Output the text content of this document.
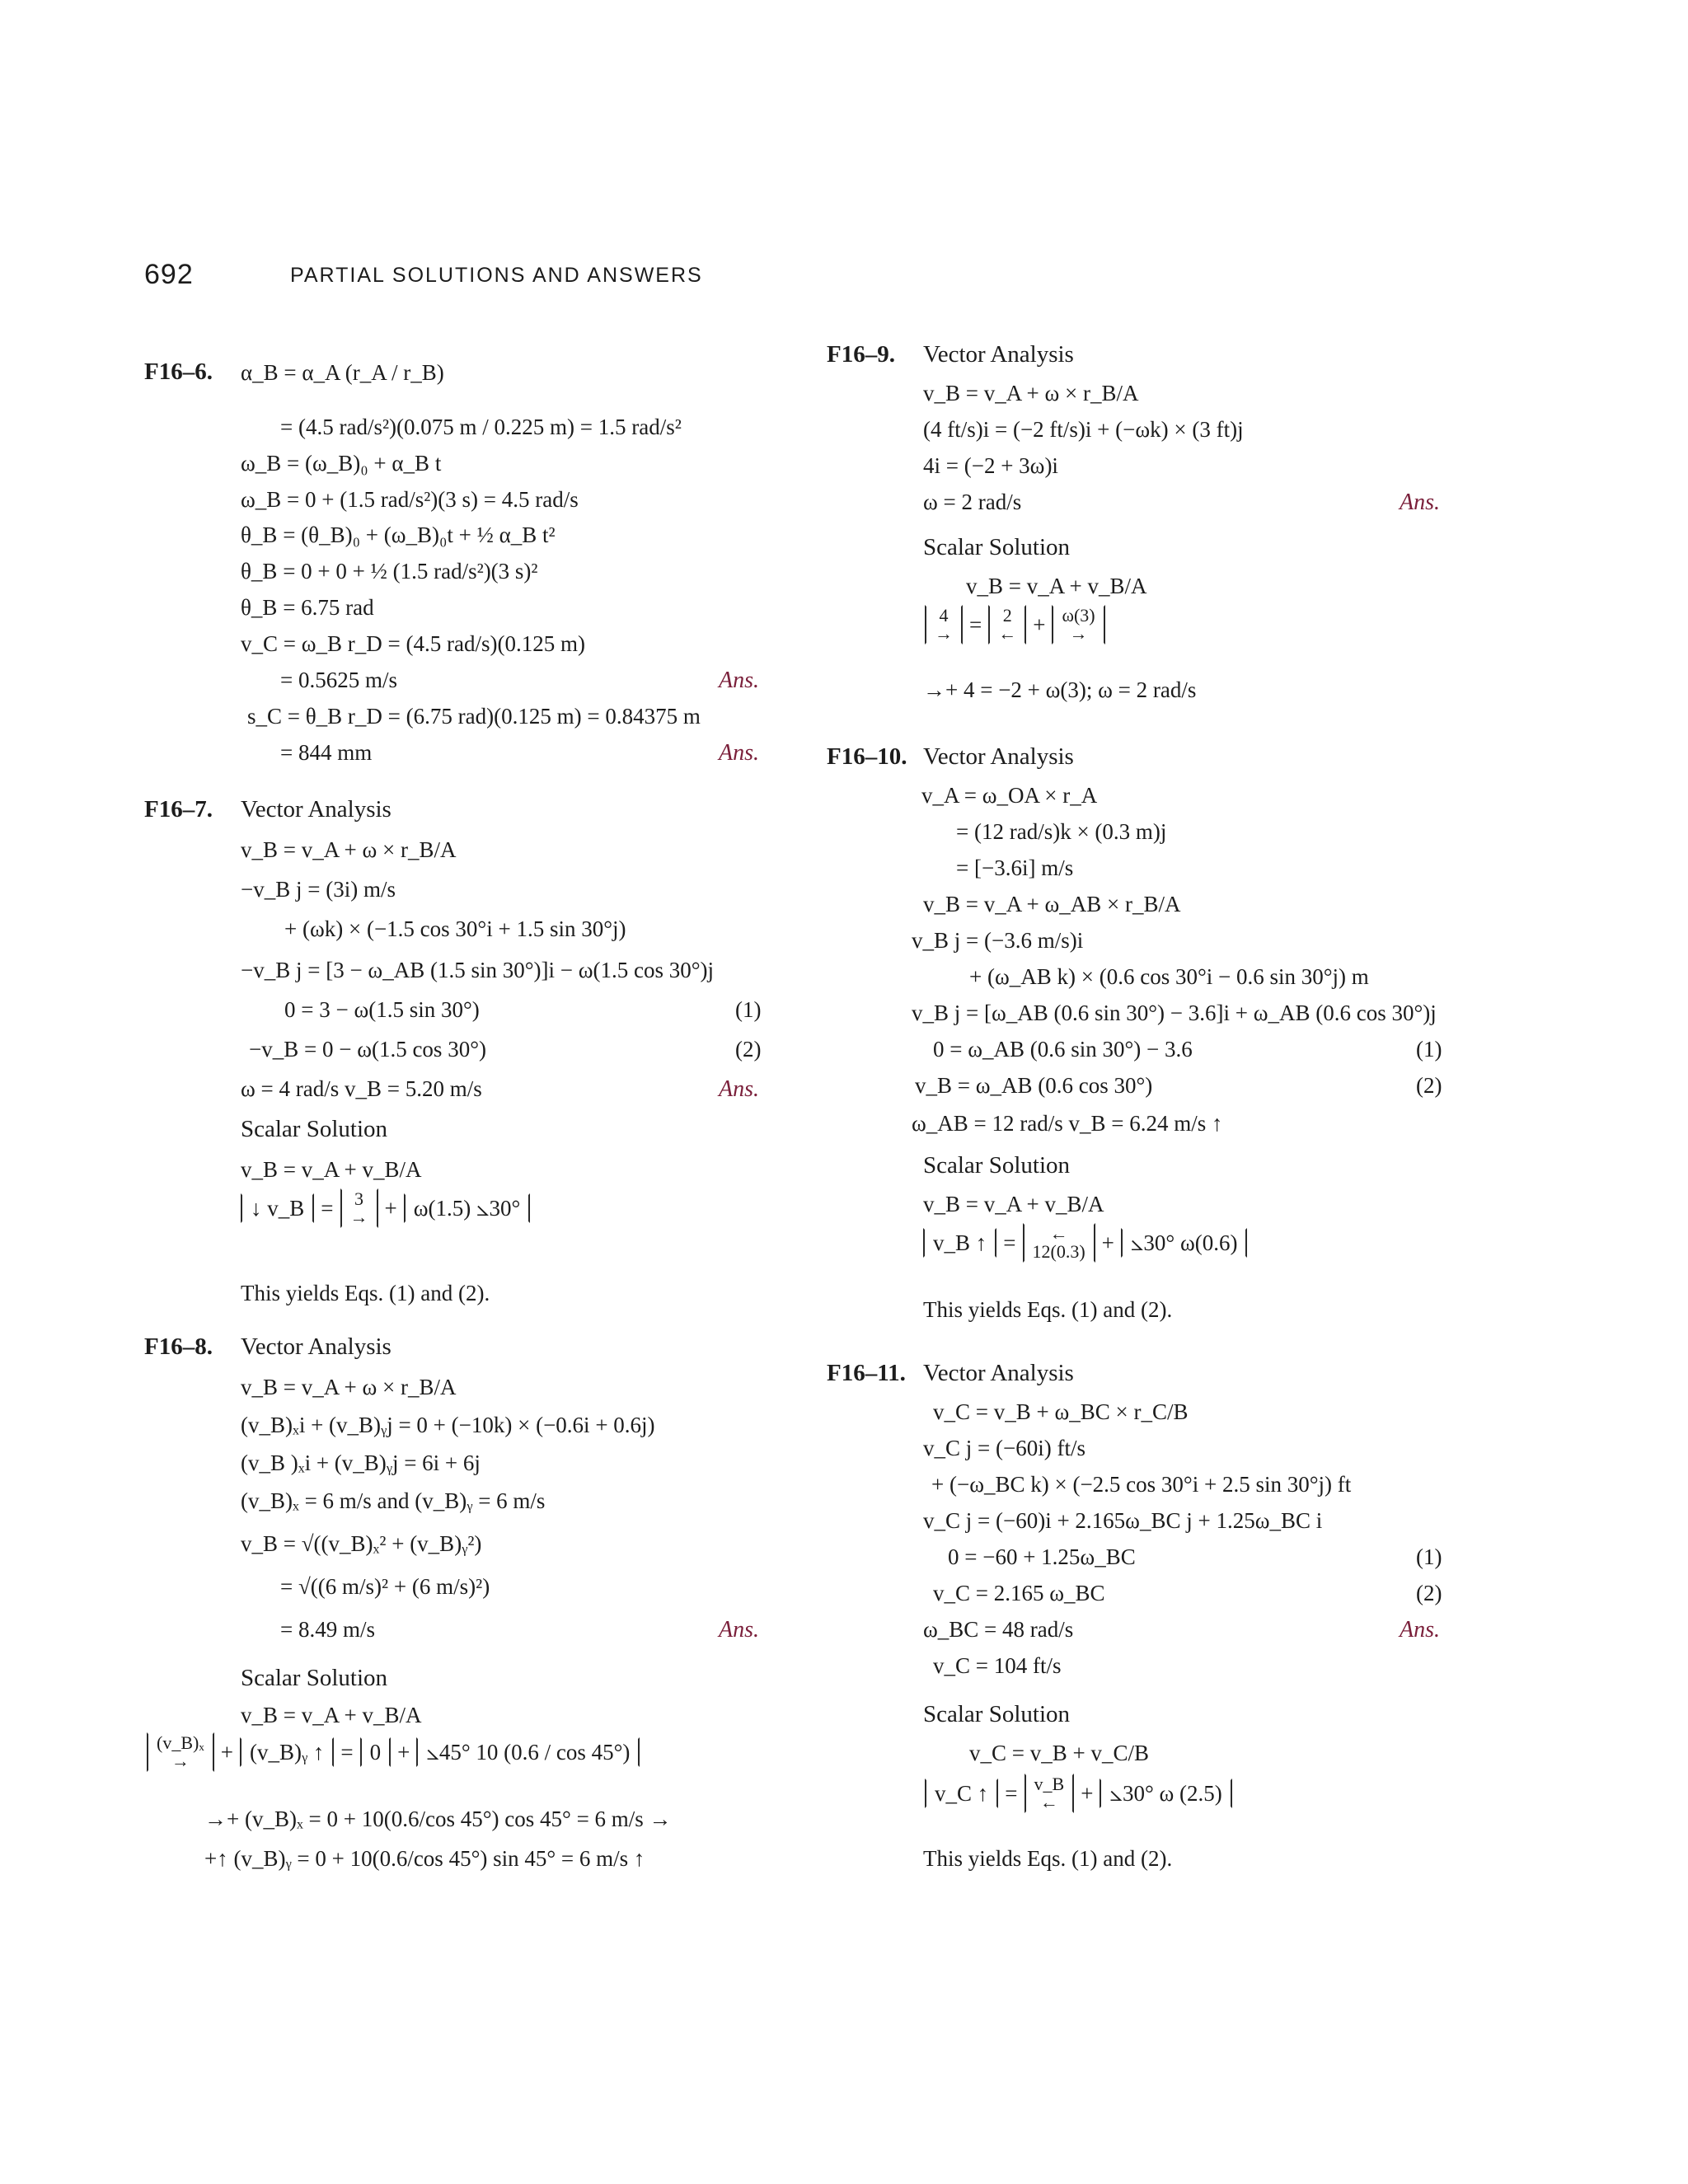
692	PARTIAL SOLUTIONS AND ANSWERS
F16–6. α_B = α_A (r_A / r_B)
= (4.5 rad/s²)(0.075 m / 0.225 m) = 1.5 rad/s²
ω_B = (ω_B)₀ + α_B t
ω_B = 0 + (1.5 rad/s²)(3 s) = 4.5 rad/s
θ_B = (θ_B)₀ + (ω_B)₀t + ½ α_B t²
θ_B = 0 + 0 + ½ (1.5 rad/s²)(3 s)²
θ_B = 6.75 rad
v_C = ω_B r_D = (4.5 rad/s)(0.125 m)
= 0.5625 m/s	Ans.
s_C = θ_B r_D = (6.75 rad)(0.125 m) = 0.84375 m
= 844 mm	Ans.
F16–7. Vector Analysis
v_B = v_A + ω × r_B/A
−v_B j = (3i) m/s
+ (ωk) × (−1.5 cos 30°i + 1.5 sin 30°j)
−v_B j = [3 − ω_AB (1.5 sin 30°)]i − ω(1.5 cos 30°)j
0 = 3 − ω(1.5 sin 30°)	(1)
−v_B = 0 − ω(1.5 cos 30°)	(2)
ω = 4 rad/s v_B = 5.20 m/s	Ans.
Scalar Solution
v_B = v_A + v_B/A
↓ v_B = 3
→ + ω(1.5) ⦣30°
This yields Eqs. (1) and (2).
F16–8. Vector Analysis
v_B = v_A + ω × r_B/A
(v_B)ₓi + (v_B)ᵧj = 0 + (−10k) × (−0.6i + 0.6j)
(v_B )ₓi + (v_B)ᵧj = 6i + 6j
(v_B)ₓ = 6 m/s and (v_B)ᵧ = 6 m/s
v_B = √((v_B)ₓ² + (v_B)ᵧ²)
= √((6 m/s)² + (6 m/s)²)
= 8.49 m/s	Ans.
Scalar Solution
v_B = v_A + v_B/A
(v_B)ₓ
→	+ (v_B)ᵧ ↑ = 0 + ⦣45° 10 (0.6 / cos 45°)
→+ (v_B)ₓ = 0 + 10(0.6/cos 45°) cos 45° = 6 m/s →
+↑ (v_B)ᵧ = 0 + 10(0.6/cos 45°) sin 45° = 6 m/s ↑
F16–9. Vector Analysis
v_B = v_A + ω × r_B/A
(4 ft/s)i = (−2 ft/s)i + (−ωk) × (3 ft)j
4i = (−2 + 3ω)i
ω = 2 rad/s	Ans.
Scalar Solution
v_B = v_A + v_B/A
4
→ = 2
← + ω(3)
→
→+ 4 = −2 + ω(3); ω = 2 rad/s
F16–10. Vector Analysis
v_A = ω_OA × r_A
= (12 rad/s)k × (0.3 m)j
= [−3.6i] m/s
v_B = v_A + ω_AB × r_B/A
v_B j = (−3.6 m/s)i
+ (ω_AB k) × (0.6 cos 30°i − 0.6 sin 30°j) m
v_B j = [ω_AB (0.6 sin 30°) − 3.6]i + ω_AB (0.6 cos 30°)j
0 = ω_AB (0.6 sin 30°) − 3.6	(1)
v_B = ω_AB (0.6 cos 30°)	(2)
ω_AB = 12 rad/s v_B = 6.24 m/s ↑
Scalar Solution
v_B = v_A + v_B/A
v_B ↑ =	←
12(0.3) + ⦣30° ω(0.6)
This yields Eqs. (1) and (2).
F16–11. Vector Analysis
v_C = v_B + ω_BC × r_C/B
v_C j = (−60i) ft/s
+ (−ω_BC k) × (−2.5 cos 30°i + 2.5 sin 30°j) ft
v_C j = (−60)i + 2.165ω_BC j + 1.25ω_BC i
0 = −60 + 1.25ω_BC	(1)
v_C = 2.165 ω_BC	(2)
ω_BC = 48 rad/s	Ans.
v_C = 104 ft/s
Scalar Solution
v_C = v_B + v_C/B
v_C ↑ = v_B
← + ⦣30° ω (2.5)
This yields Eqs. (1) and (2).
